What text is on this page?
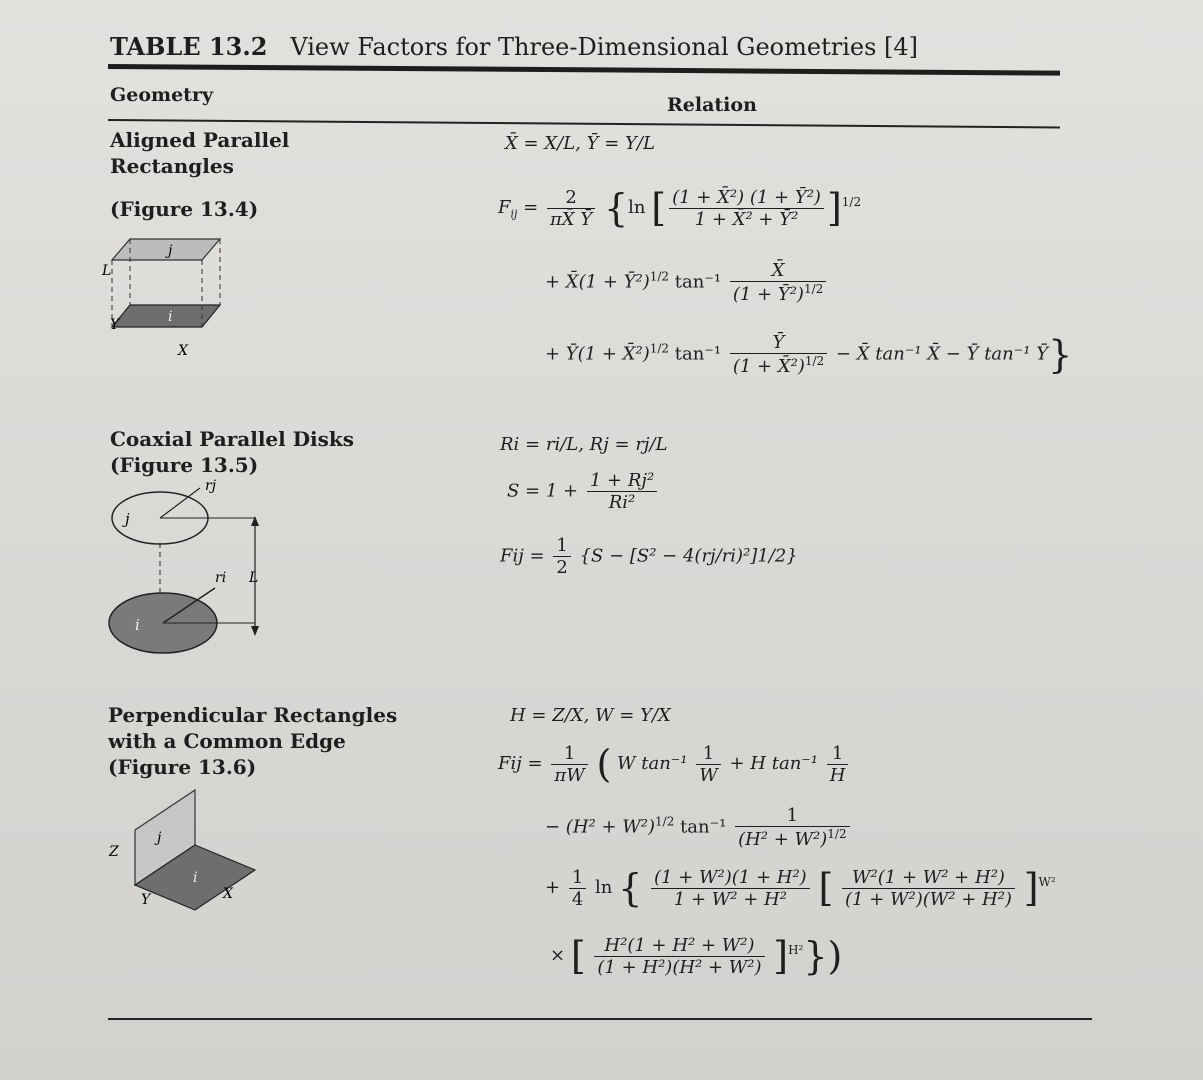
TABLE 13.2 View Factors for Three-Dimensional Geometries [4]
Geometry	Relation
Aligned Parallel Rectangles
(Figure 13.4)
j
i
L
Y
X
X̄ = X/L, Ȳ = Y/L
$F_{ij} = \frac{2}{\pi X̄ Ȳ} \{\ln$ [ $\frac{\text{(1 + X̄²) (1 + Ȳ²)}}{\text{1 + X̄² + Ȳ²}} ]^{1/2}$
+ X̄(1 + Ȳ²)$^{1/2}$ $\tan^{-1} \frac{X̄}{(1 + Ȳ^2)^{1/2}}$
+ Ȳ(1 + X̄²)$^{1/2}$ $\tan^{-1} \frac{Ȳ}{(1 + X̄^2)^{1/2}}$ − X̄ tan⁻¹ X̄ − Ȳ tan⁻¹ Ȳ}
Coaxial Parallel Disks
(Figure 13.5)
j
rj
ri L
i
Ri = ri/L, Rj = rj/L
$S = 1 + \frac{\text{1 + Rj²}}{\text{Ri²}}$
Fij = $\frac{1}{2} \{S - [S^2 - 4(rj/ri)^2]1/2\}$
Perpendicular Rectangles with a Common Edge
(Figure 13.6)
j
i
Z
Y	X
H = Z/X, W = Y/X
Fij = $\frac{1}{\pi W}$ ( W $\tan^{-1} \frac{1}{W} + H$ $\tan^{-1} \frac{1}{H}$
− $(H^2 + W^2)^{1/2}$ $\tan^{-1} \frac{1}{(H^2 + W^2)^{1/2}}$
+ $\frac{1}{4}$ ln { $\frac{\text{(1 + W²)(1 + H²)}}{\text{1 + W² + H²}}$ [ $\frac{\text{W²(1 + W² + H²)}}{\text{(1 + W²)(W² + H²)}} ]^{W^2}$
× [ $\frac{\text{H²(1 + H² + W²)}}{\text{(1 + H²)(H² + W²)}} ]^{H^2}$})
